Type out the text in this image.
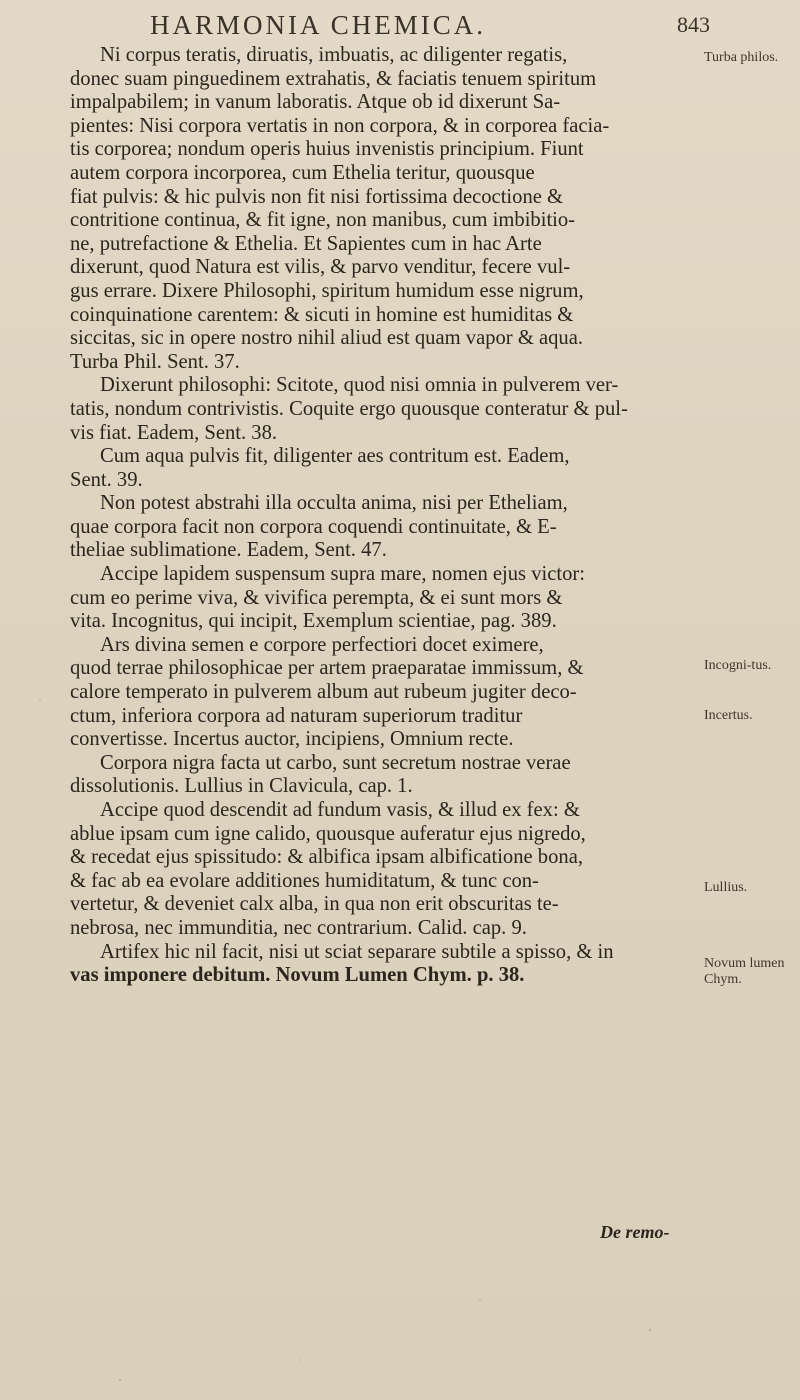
HARMONIA CHEMICA.	843
Ni corpus teratis, diruatis, imbuatis, ac diligenter regatis,
donec suam pinguedinem extrahatis, & faciatis tenuem spiritum
impalpabilem; in vanum laboratis. Atque ob id dixerunt Sa-
pientes: Nisi corpora vertatis in non corpora, & in corporea facia-
tis corporea; nondum operis huius invenistis principium. Fiunt
autem corpora incorporea, cum Ethelia teritur, quousque
fiat pulvis: & hic pulvis non fit nisi fortissima decoctione &
contritione continua, & fit igne, non manibus, cum imbibitio-
ne, putrefactione & Ethelia. Et Sapientes cum in hac Arte
dixerunt, quod Natura est vilis, & parvo venditur, fecere vul-
gus errare. Dixere Philosophi, spiritum humidum esse nigrum,
coinquinatione carentem: & sicuti in homine est humiditas &
siccitas, sic in opere nostro nihil aliud est quam vapor & aqua.
Turba Phil. Sent. 37.
Dixerunt philosophi: Scitote, quod nisi omnia in pulverem ver-
tatis, nondum contrivistis. Coquite ergo quousque conteratur & pul-
vis fiat. Eadem, Sent. 38.
Cum aqua pulvis fit, diligenter aes contritum est. Eadem,
Sent. 39.
Non potest abstrahi illa occulta anima, nisi per Etheliam,
quae corpora facit non corpora coquendi continuitate, & E-
theliae sublimatione. Eadem, Sent. 47.
Accipe lapidem suspensum supra mare, nomen ejus victor:
cum eo perime viva, & vivifica perempta, & ei sunt mors &
vita. Incognitus, qui incipit, Exemplum scientiae, pag. 389.
Ars divina semen e corpore perfectiori docet eximere,
quod terrae philosophicae per artem praeparatae immissum, &
calore temperato in pulverem album aut rubeum jugiter deco-
ctum, inferiora corpora ad naturam superiorum traditur
convertisse. Incertus auctor, incipiens, Omnium recte.
Corpora nigra facta ut carbo, sunt secretum nostrae verae
dissolutionis. Lullius in Clavicula, cap. 1.
Accipe quod descendit ad fundum vasis, & illud ex fex: &
ablue ipsam cum igne calido, quousque auferatur ejus nigredo,
& recedat ejus spissitudo: & albifica ipsam albificatione bona,
& fac ab ea evolare additiones humiditatum, & tunc con-
vertetur, & deveniet calx alba, in qua non erit obscuritas te-
nebrosa, nec immunditia, nec contrarium. Calid. cap. 9.
Artifex hic nil facit, nisi ut sciat separare subtile a spisso, & in
vas imponere debitum. Novum Lumen Chym. p. 38.
De remo-
Turba philos.
Incogni-tus.
Incertus.
Lullius.
Novum lumen Chym.
